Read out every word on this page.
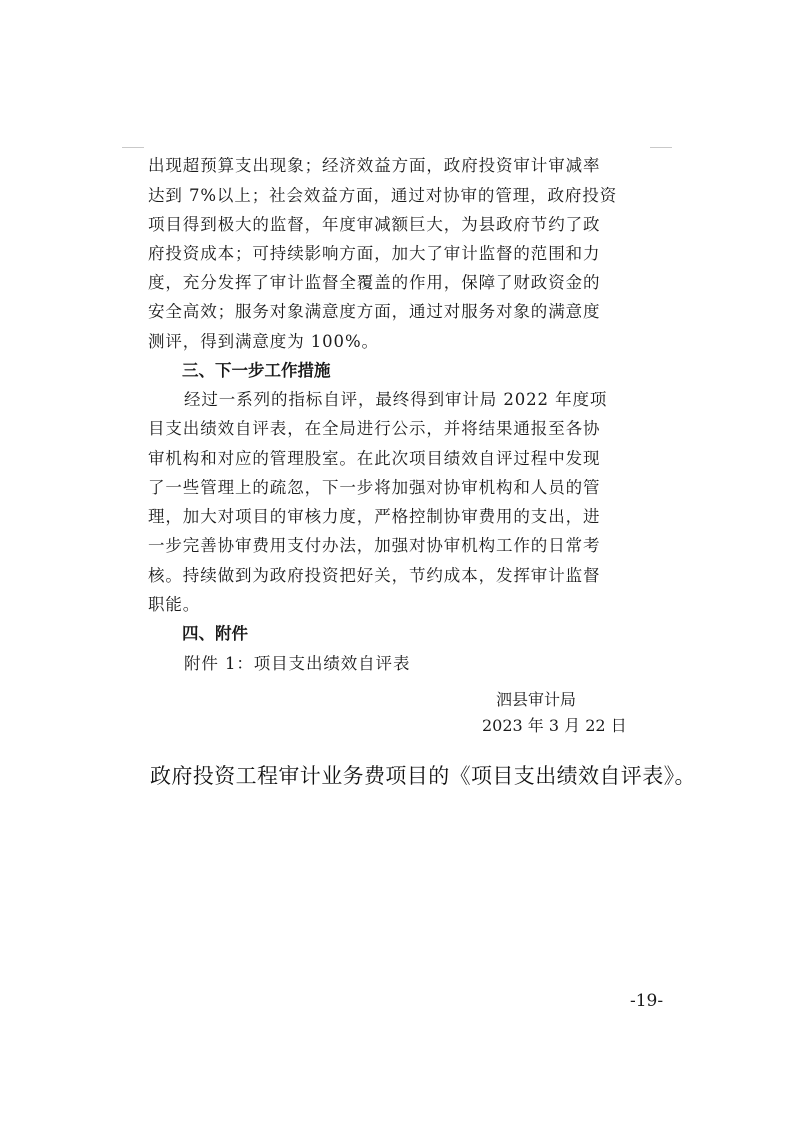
出现超预算支出现象；经济效益方面，政府投资审计审减率
达到 7%以上；社会效益方面，通过对协审的管理，政府投资
项目得到极大的监督，年度审减额巨大，为县政府节约了政
府投资成本；可持续影响方面，加大了审计监督的范围和力
度，充分发挥了审计监督全覆盖的作用，保障了财政资金的
安全高效；服务对象满意度方面，通过对服务对象的满意度
测评，得到满意度为 100%。
三、下一步工作措施
经过一系列的指标自评，最终得到审计局 2022 年度项
目支出绩效自评表，在全局进行公示，并将结果通报至各协
审机构和对应的管理股室。在此次项目绩效自评过程中发现
了一些管理上的疏忽，下一步将加强对协审机构和人员的管
理，加大对项目的审核力度，严格控制协审费用的支出，进
一步完善协审费用支付办法，加强对协审机构工作的日常考
核。持续做到为政府投资把好关，节约成本，发挥审计监督
职能。
四、附件
附件 1：项目支出绩效自评表
泗县审计局
2023 年 3 月 22 日
政府投资工程审计业务费项目的《项目支出绩效自评表》。
-19-
